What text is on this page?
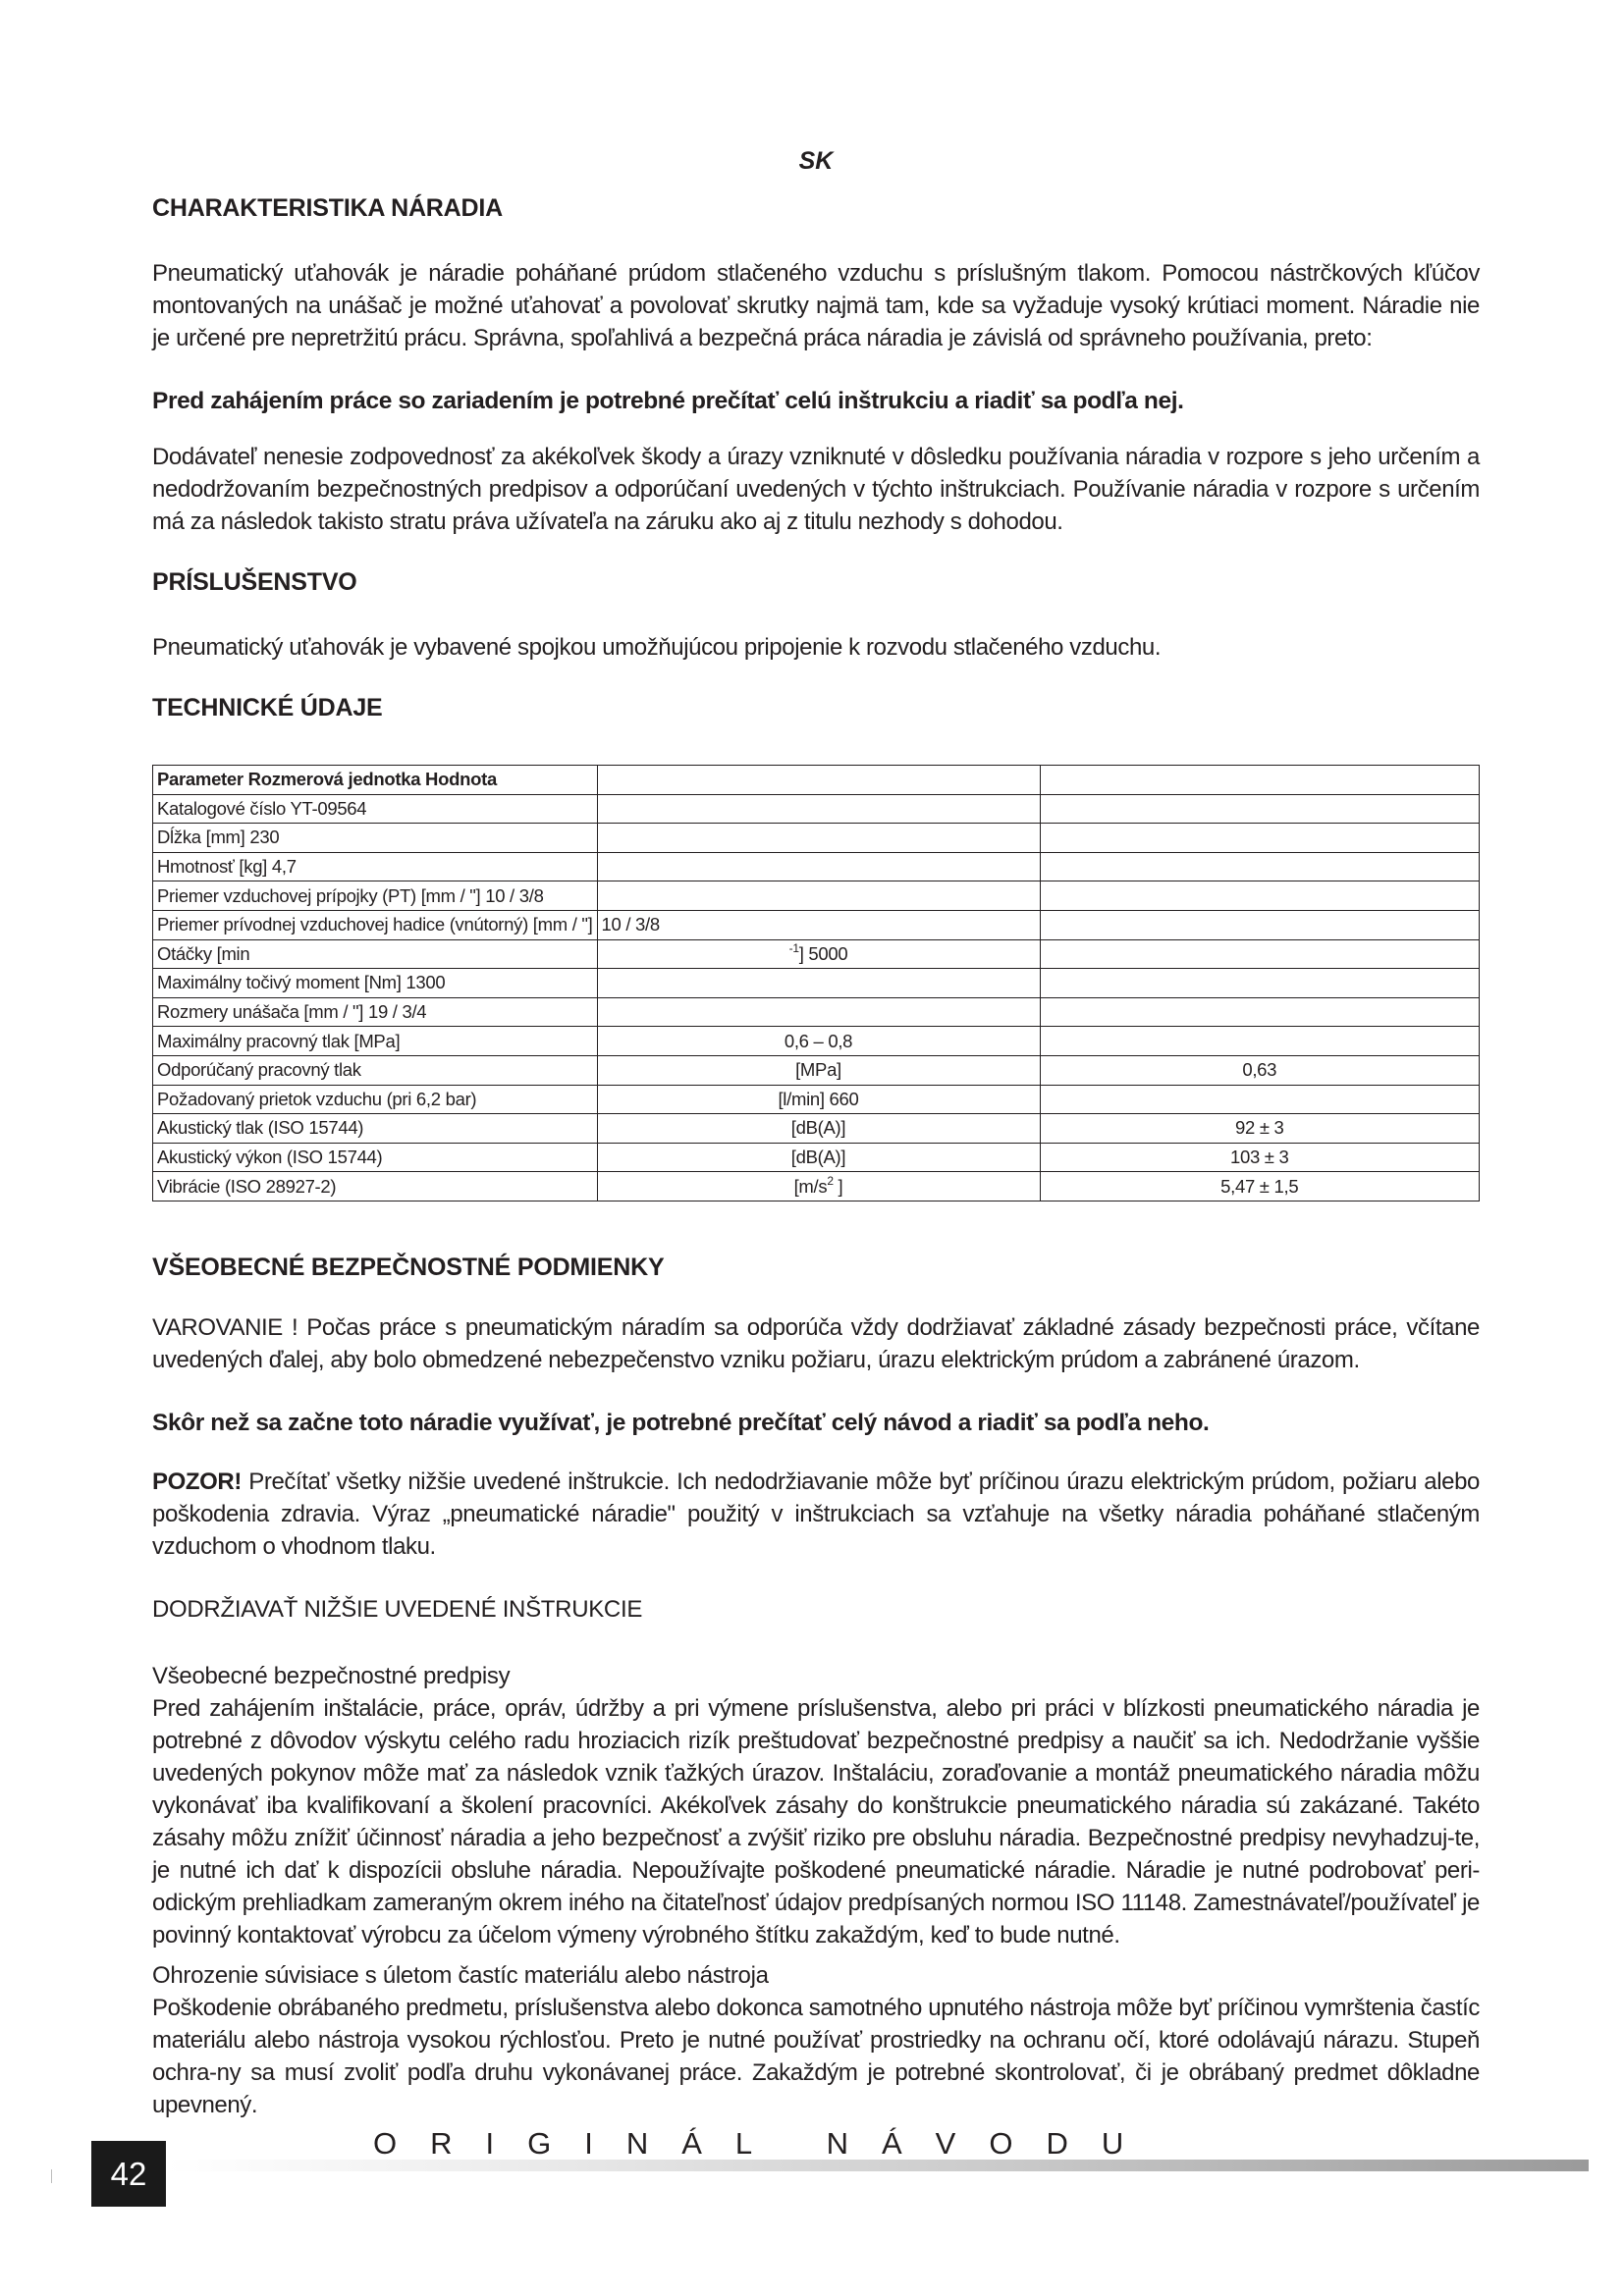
SK
CHARAKTERISTIKA NÁRADIA

Pneumatický uťahovák je náradie poháňané prúdom stlačeného vzduchu s príslušným tlakom. Pomocou nástrčkových kľúčov montovaných na unášač je možné uťahovať a povolovať skrutky najmä tam, kde sa vyžaduje vysoký krútiaci moment. Náradie nie je určené pre nepretržitú prácu. Správna, spoľahlivá a bezpečná práca náradia je závislá od správneho používania, preto:

Pred zahájením práce so zariadením je potrebné prečítať celú inštrukciu a riadiť sa podľa nej.

Dodávateľ nenesie zodpovednosť za akékoľvek škody a úrazy vzniknuté v dôsledku používania náradia v rozpore s jeho určením a nedodržovaním bezpečnostných predpisov a odporúčaní uvedených v týchto inštrukciach. Používanie náradia v rozpore s určením má za následok takisto stratu práva užívateľa na záruku ako aj z titulu nezhody s dohodou.

PRÍSLUŠENSTVO

Pneumatický uťahovák je vybavené spojkou umožňujúcou pripojenie k rozvodu stlačeného vzduchu.

TECHNICKÉ ÚDAJE
Parameter Rozmerová jednotka Hodnota		
Katalogové číslo YT-09564		
Dĺžka [mm] 230		
Hmotnosť [kg] 4,7		
Priemer vzduchovej prípojky (PT) [mm / "] 10 / 3/8		
Priemer prívodnej vzduchovej hadice (vnútorný) [mm / "]	10 / 3/8	
Otáčky [min	$^{-1}$] 5000	
Maximálny točivý moment [Nm] 1300		
Rozmery unášača [mm / "] 19 / 3/4		
Maximálny pracovný tlak [MPa]	0,6 – 0,8	
Odporúčaný pracovný tlak	[MPa]	0,63
Požadovaný prietok vzduchu (pri 6,2 bar)	[l/min] 660	
Akustický tlak (ISO 15744)	[dB(A)]	92 ± 3
Akustický výkon (ISO 15744)	[dB(A)]	103 ± 3
Vibrácie (ISO 28927-2)	[$m/s^2$ ]	5,47 ± 1,5
VŠEOBECNÉ BEZPEČNOSTNÉ PODMIENKY

VAROVANIE ! Počas práce s pneumatickým náradím sa odporúča vždy dodržiavať základné zásady bezpečnosti práce, včítane uvedených ďalej, aby bolo obmedzené nebezpečenstvo vzniku požiaru, úrazu elektrickým prúdom a zabránené úrazom.

Skôr než sa začne toto náradie využívať, je potrebné prečítať celý návod a riadiť sa podľa neho.

POZOR! Prečítať všetky nižšie uvedené inštrukcie. Ich nedodržiavanie môže byť príčinou úrazu elektrickým prúdom, požiaru alebo poškodenia zdravia. Výraz „pneumatické náradie" použitý v inštrukciach sa vzťahuje na všetky náradia poháňané stlačeným vzduchom o vhodnom tlaku.

DODRŽIAVAŤ NIŽŠIE UVEDENÉ INŠTRUKCIE

Všeobecné bezpečnostné predpisy

Pred zahájením inštalácie, práce, opráv, údržby a pri výmene príslušenstva, alebo pri práci v blízkosti pneumatického náradia je potrebné z dôvodov výskytu celého radu hroziacich rizík preštudovať bezpečnostné predpisy a naučiť sa ich. Nedodržanie vyššie uvedených pokynov môže mať za následok vznik ťažkých úrazov. Inštaláciu, zoraďovanie a montáž pneumatického náradia môžu vykonávať iba kvalifikovaní a školení pracovníci. Akékoľvek zásahy do konštrukcie pneumatického náradia sú zakázané. Takéto zásahy môžu znížiť účinnosť náradia a jeho bezpečnosť a zvýšiť riziko pre obsluhu náradia. Bezpečnostné predpisy nevyhadzuj-te, je nutné ich dať k dispozícii obsluhe náradia. Nepoužívajte poškodené pneumatické náradie. Náradie je nutné podrobovať peri-odickým prehliadkam zameraným okrem iného na čitateľnosť údajov predpísaných normou ISO 11148. Zamestnávateľ/používateľ je povinný kontaktovať výrobcu za účelom výmeny výrobného štítku zakaždým, keď to bude nutné.

Ohrozenie súvisiace s úletom častíc materiálu alebo nástroja

Poškodenie obrábaného predmetu, príslušenstva alebo dokonca samotného upnutého nástroja môže byť príčinou vymrštenia častíc materiálu alebo nástroja vysokou rýchlosťou. Preto je nutné používať prostriedky na ochranu očí, ktoré odolávajú nárazu. Stupeň ochra-ny sa musí zvoliť podľa druhu vykonávanej práce. Zakaždým je potrebné skontrolovať, či je obrábaný predmet dôkladne upevnený.

42
ORIGINÁL NÁVODU
